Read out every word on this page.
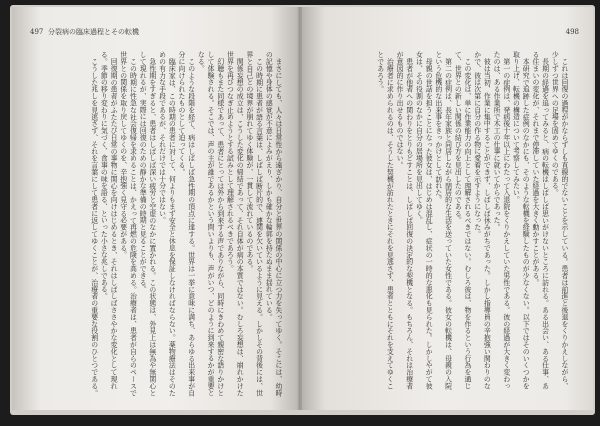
497 分裂病の臨床過程とその転機

まさにしても、人々は日常性から遠ざかり、自分と世界の関係の中心に立つ力を失ってゆく。そこには、幼時の記憶や身体の感覚が不意によみがえり、しかも確かな輪郭を持たぬまま揺れている。

この時期に患者が語る言葉は、しばしば断片的で、連関を欠いているように見える。しかしその背後には、世界と自己との境界が崩れてゆく体験が、一貫して流れているのである。

関係妄想の成立は、こうした変化の帰結であって、それ自体が病の本質ではない。むしろ妄想は、崩れかけた世界を再びつなぎ止めようとする試みとして理解されるべきであろう。

幻聴もまた同様であって、患者にとっては外から到来する声でありながら、同時にきわめて親密な語りかけとして体験される。そこでは、声の主が誰であるかという問いよりも、声がいつ、どのように到来するかが重要となる。

このような段階を経て、病はしばしば急性期の頂点に達する。世界は一挙に意味に満ち、あらゆる出来事が自分に向けられたものとして迫ってくる。

臨床家は、この時期の患者に対して、何よりもまず安全と休息を保証しなければならない。薬物療法はそのための有力な手段であるが、それだけでは十分ではない。

急性期をすぎると、患者はしばしば深い疲労と空虚のなかに置かれる。この状態は、外見上は無為や無関心として現れるが、実際には回復のための静かな準備の時期と見ることができる。

この時期に性急な社会復帰を求めることは、かえって再燃の危険を高める。治療者は、患者が自らのペースで世界との関係を取り戻してゆくのを、辛抱強く見守る必要がある。

回復期の患者がふたたび日常の事物に関心を向けはじめるとき、それはしばしばささやかな変化として現れる。季節の移り変わりに気づく、食事の味を語る、といった小さな兆しである。

こうした兆しを見逃さず、それを言葉にして患者に返してゆくことが、治療者の重要な役割のひとつである。

498

これは回復の過程がかならずしも直線的でないことを示している。患者は前進と後退をくりかえしながら、少しずつ世界への足場を固めてゆくのである。

長期の経過を追ってみると、病の転機はしばしば思いがけないところに訪れる。ある出会い、ある仕事、ある住まいの変化が、それまで停滞していた経過を大きく動かすことがある。

本研究で追跡した症例のなかにも、そのような転機を経験したものが少なくない。以下ではそのいくつかを取り上げ、転機の構造について考察してみたい。

第一の症例は、発病後十年以上にわたって入退院をくりかえしていた男性である。彼の経過が大きく変わったのは、ある作業所で木工の仕事に就いてからであった。

彼は当初、作業に集中することができず、しばしば休みがちであった。しかし指導員の辛抱強い関わりのなかで、彼は次第に自分の作る物に愛着を示すようになった。

この変化は、単に作業能力の向上として理解されるべきではない。むしろ彼は、物を作るという行為を通じて、世界との新しい関係の結び方を見出したのである。

第二の症例は、長年家族と同居しながら閉居的な生活を送っていた女性である。彼女の転機は、母親の入院という危機的な出来事をきっかけとして訪れた。

母親の世話を担うことになった彼女は、はじめは混乱し、症状の一時的な悪化も見られた。しかしやがて彼女は、その役割のなかに自分の居場所を見出してゆく。

患者が他者への関わりをとりもどすことは、しばしば回復の決定的な契機となる。もちろん、それは治療者が意図的に作り出せるものではない。

治療者に求められるのは、そうした契機が訪れたときにそれを見逃さず、患者とともにそれを支えてゆくことであろう。
